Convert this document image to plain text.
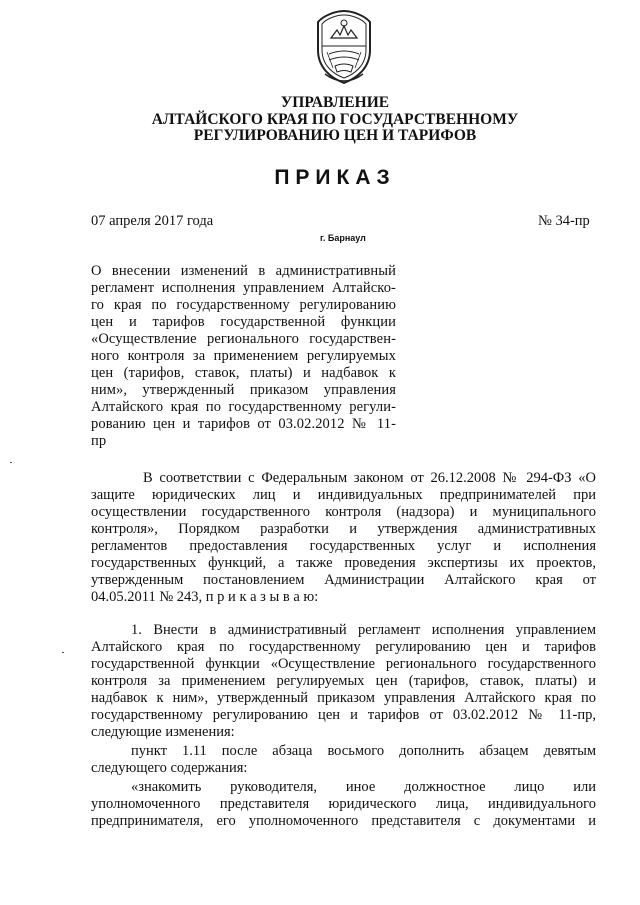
УПРАВЛЕНИЕ
АЛТАЙСКОГО КРАЯ ПО ГОСУДАРСТВЕННОМУ
РЕГУЛИРОВАНИЮ ЦЕН И ТАРИФОВ
ПРИКАЗ
07 апреля 2017 года	№ 34-пр
г. Барнаул
О внесении изменений в административный
регламент исполнения управлением Алтайско-
го края по государственному регулированию
цен и тарифов государственной функции
«Осуществление регионального государствен-
ного контроля за применением регулируемых
цен (тарифов, ставок, платы) и надбавок к
ним», утвержденный приказом управления
Алтайского края по государственному регули-
рованию цен и тарифов от 03.02.2012 № 11-
пр
В соответствии с Федеральным законом от 26.12.2008 № 294-ФЗ «О
защите юридических лиц и индивидуальных предпринимателей при
осуществлении государственного контроля (надзора) и муниципального
контроля», Порядком разработки и утверждения административных
регламентов предоставления государственных услуг и исполнения
государственных функций, а также проведения экспертизы их проектов,
утвержденным постановлением Администрации Алтайского края от
04.05.2011 № 243, п р и к а з ы в а ю:
1. Внести в административный регламент исполнения управлением
Алтайского края по государственному регулированию цен и тарифов
государственной функции «Осуществление регионального государственного
контроля за применением регулируемых цен (тарифов, ставок, платы) и
надбавок к ним», утвержденный приказом управления Алтайского края по
государственному регулированию цен и тарифов от 03.02.2012 № 11-пр,
следующие изменения:
пункт 1.11 после абзаца восьмого дополнить абзацем девятым
следующего содержания:
«знакомить руководителя, иное должностное лицо или
уполномоченного представителя юридического лица, индивидуального
предпринимателя, его уполномоченного представителя с документами и
